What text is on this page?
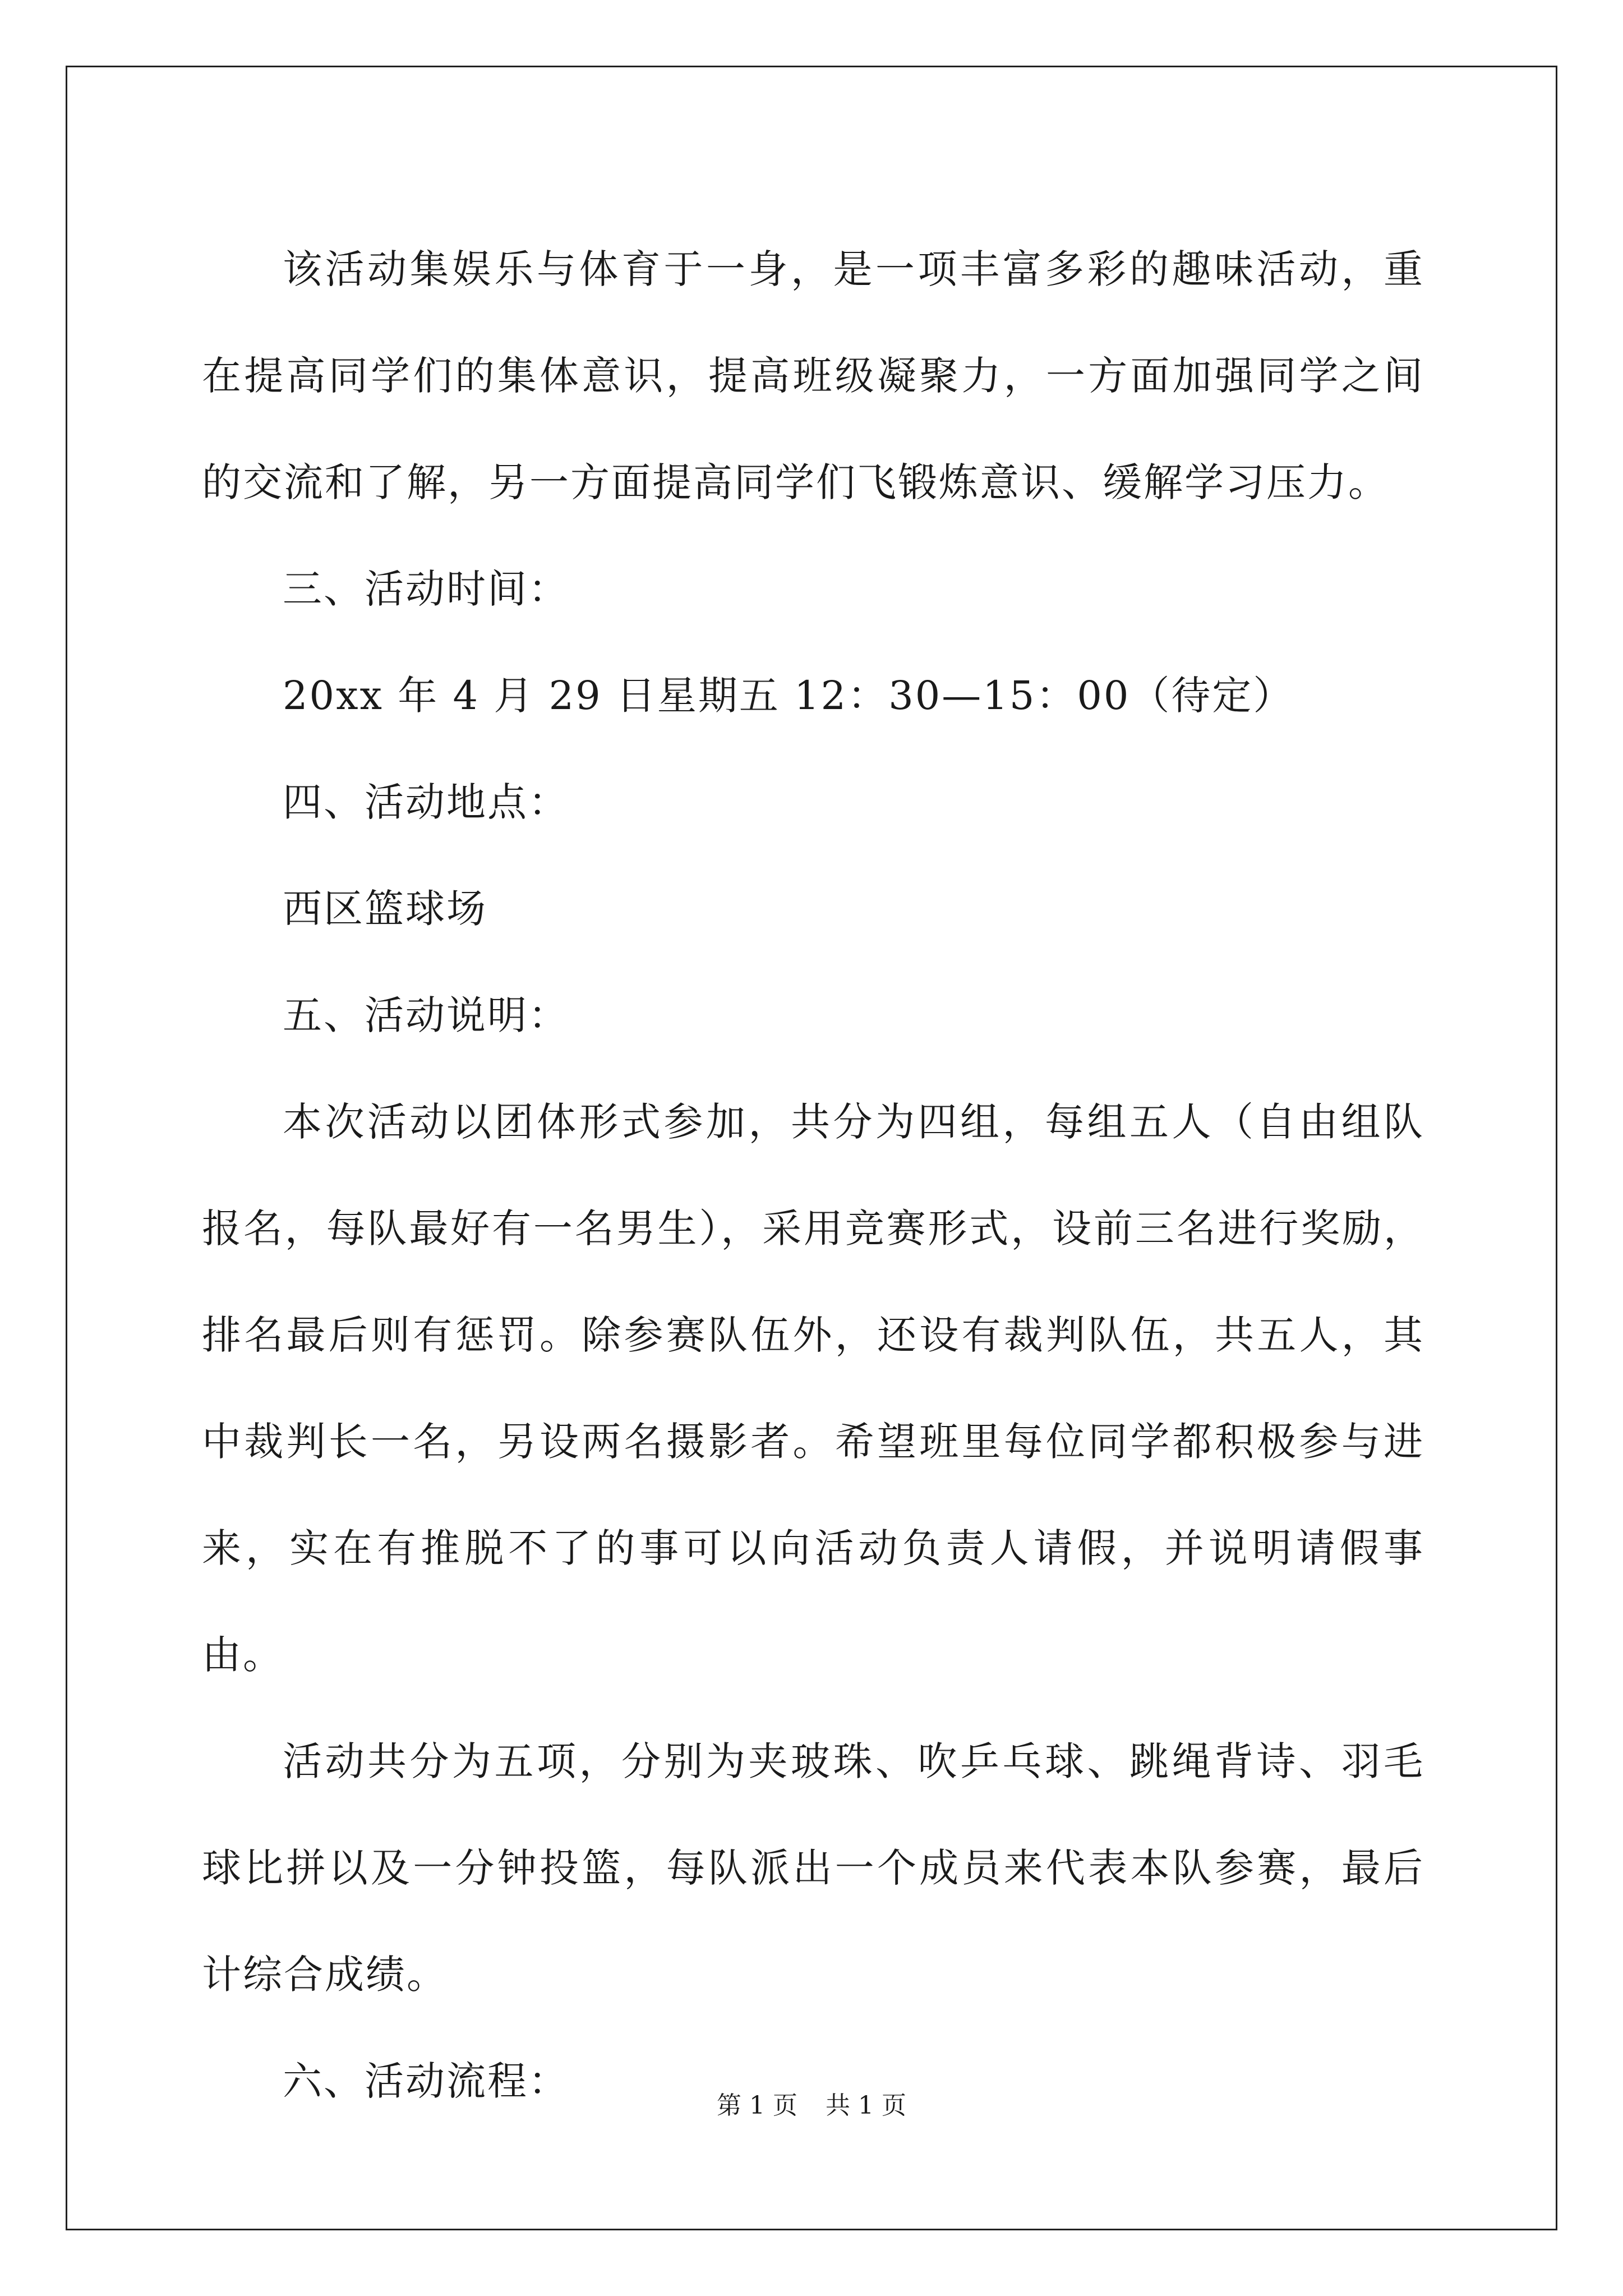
该活动集娱乐与体育于一身，是一项丰富多彩的趣味活动，重在提高同学们的集体意识，提高班级凝聚力，一方面加强同学之间的交流和了解，另一方面提高同学们飞锻炼意识、缓解学习压力。

三、活动时间：

20xx 年 4 月 29 日星期五 12：30—15：00（待定）

四、活动地点：

西区篮球场

五、活动说明：

本次活动以团体形式参加，共分为四组，每组五人（自由组队报名，每队最好有一名男生），采用竞赛形式，设前三名进行奖励，排名最后则有惩罚。除参赛队伍外，还设有裁判队伍，共五人，其中裁判长一名，另设两名摄影者。希望班里每位同学都积极参与进来，实在有推脱不了的事可以向活动负责人请假，并说明请假事由。

活动共分为五项，分别为夹玻珠、吹乒乓球、跳绳背诗、羽毛球比拼以及一分钟投篮，每队派出一个成员来代表本队参赛，最后计综合成绩。

六、活动流程：

第 1 页 共 1 页
